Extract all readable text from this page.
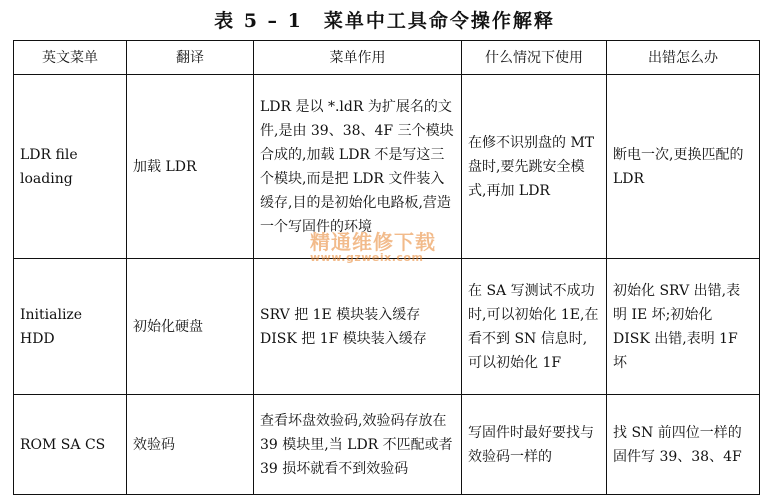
表 5 – 1　菜单中工具命令操作解释
英文菜单	翻译	菜单作用	什么情况下使用	出错怎么办
LDR file loading	加载 LDR	LDR 是以 *.ldR 为扩展名的文件,是由 39、38、4F 三个模块合成的,加载 LDR 不是写这三个模块,而是把 LDR 文件装入缓存,目的是初始化电路板,营造一个写固件的环境	在修不识别盘的 MT 盘时,要先跳安全模式,再加 LDR	断电一次,更换匹配的 LDR
Initialize HDD	初始化硬盘	SRV 把 1E 模块装入缓存 DISK 把 1F 模块装入缓存	在 SA 写测试不成功时,可以初始化 1E,在看不到 SN 信息时,可以初始化 1F	初始化 SRV 出错,表明 IE 坏;初始化 DISK 出错,表明 1F 坏
ROM SA CS	效验码	查看坏盘效验码,效验码存放在 39 模块里,当 LDR 不匹配或者 39 损坏就看不到效验码	写固件时最好要找与效验码一样的	找 SN 前四位一样的固件写 39、38、4F
精通维修下载
www.gzweix.com
